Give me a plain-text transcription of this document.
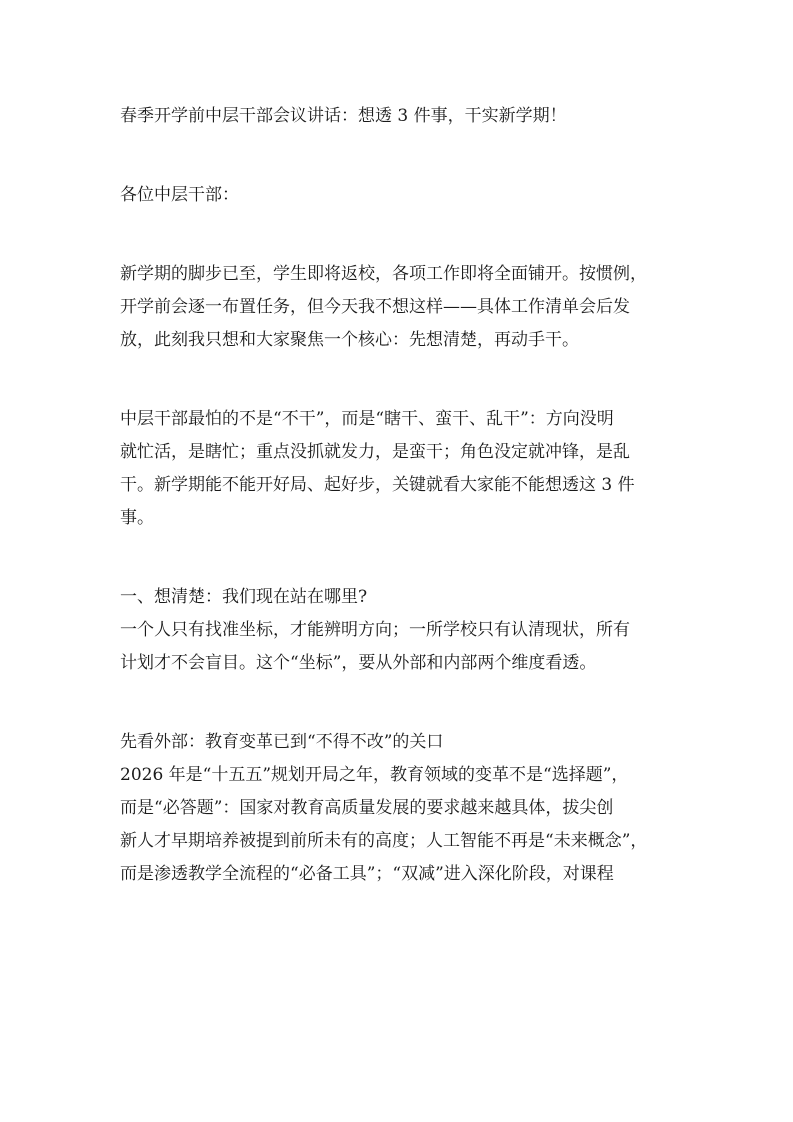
春季开学前中层干部会议讲话：想透 3 件事，干实新学期！
各位中层干部：
新学期的脚步已至，学生即将返校，各项工作即将全面铺开。按惯例，
开学前会逐一布置任务，但今天我不想这样——具体工作清单会后发
放，此刻我只想和大家聚焦一个核心：先想清楚，再动手干。
中层干部最怕的不是“不干”，而是“瞎干、蛮干、乱干”：方向没明
就忙活，是瞎忙；重点没抓就发力，是蛮干；角色没定就冲锋，是乱
干。新学期能不能开好局、起好步，关键就看大家能不能想透这 3 件
事。
一、想清楚：我们现在站在哪里?
一个人只有找准坐标，才能辨明方向；一所学校只有认清现状，所有
计划才不会盲目。这个“坐标”，要从外部和内部两个维度看透。
先看外部：教育变革已到“不得不改”的关口
2026 年是“十五五”规划开局之年，教育领域的变革不是“选择题”，
而是“必答题”：国家对教育高质量发展的要求越来越具体，拔尖创
新人才早期培养被提到前所未有的高度；人工智能不再是“未来概念”，
而是渗透教学全流程的“必备工具”；“双减”进入深化阶段，对课程
